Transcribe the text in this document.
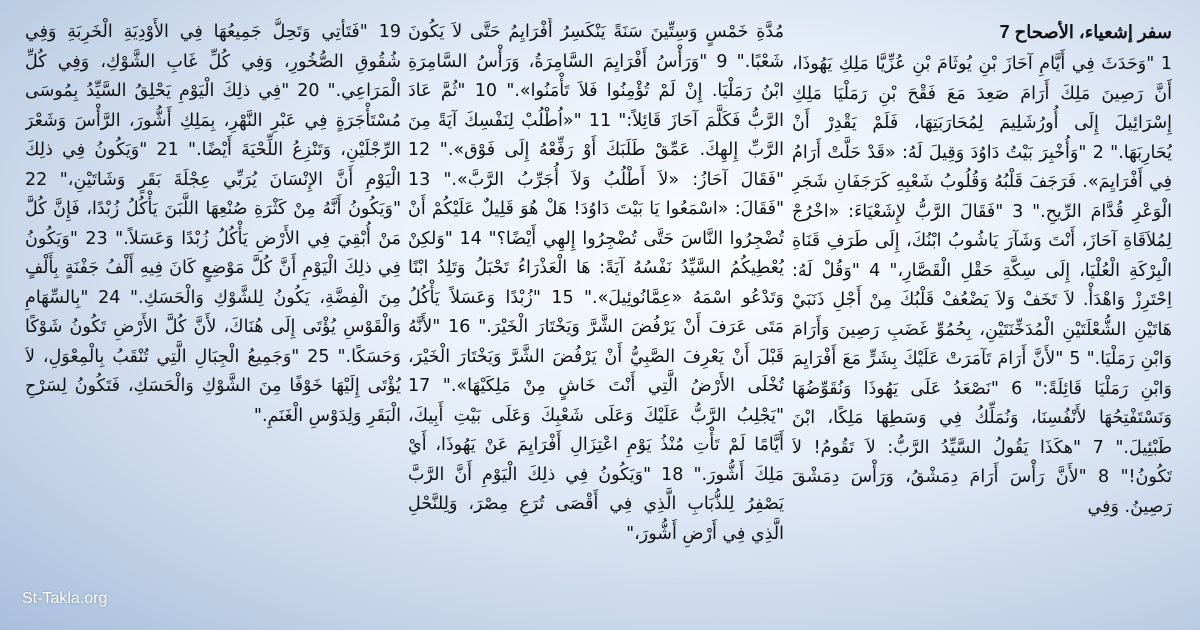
سفر إشعياء، الأصحاح 7
1 "وَحَدَثَ فِي أَيَّامِ آحَازَ بْنِ يُوثَامَ بْنِ عُزِّيَّا مَلِكِ يَهُوذَا، أَنَّ رَصِينَ مَلِكَ أَرَامَ صَعِدَ مَعَ فَقْحَ بْنِ رَمَلْيَا مَلِكِ إِسْرَائِيلَ إِلَى أُورُشَلِيمَ لِمُحَارَبَتِهَا، فَلَمْ يَقْدِرْ أَنْ يُحَارِبَهَا." 2 "وَأُخْبِرَ بَيْتُ دَاوُدَ وَقِيلَ لَهُ: «قَدْ حَلَّتْ أَرَامُ فِي أَفْرَايِمَ». فَرَجَفَ قَلْبُهُ وَقُلُوبُ شَعْبِهِ كَرَجَفَانِ شَجَرِ الْوَعْرِ قُدَّامَ الرِّيحِ." 3 "فَقَالَ الرَّبُّ لإِشَعْيَاءَ: «اخْرُجْ لِمُلاَقَاةِ آحَازَ، أَنْتَ وَشَآرَ يَاشُوبُ ابْنُكَ، إِلَى طَرَفِ قَنَاةِ الْبِرْكَةِ الْعُلْيَا، إِلَى سِكَّةِ حَقْلِ الْقَصَّارِ،" 4 "وَقُلْ لَهُ: اِحْتَرِزْ وَاهْدَأْ. لاَ تَخَفْ وَلاَ يَضْعُفْ قَلْبُكَ مِنْ أَجْلِ ذَنَبَيْ هَاتَيْنِ الشُّعْلَتَيْنِ الْمُدَخِّنَتَيْنِ، بِحُمُوِّ غَضَبِ رَصِينَ وَأَرَامَ وَابْنِ رَمَلْيَا." 5 "لأَنَّ أَرَامَ تَآمَرَتْ عَلَيْكَ بِشَرٍّ مَعَ أَفْرَايِمَ وَابْنِ رَمَلْيَا قَائِلَةً:" 6 "نَصْعَدُ عَلَى يَهُوذَا وَنُقَوِّضُهَا وَنَسْتَفْتِحُهَا لأَنْفُسِنَا، وَنُمَلِّكُ فِي وَسَطِهَا مَلِكًا، ابْنَ طَبْئِيلَ." 7 "هكَذَا يَقُولُ السَّيِّدُ الرَّبُّ: لاَ تَقُومُ! لاَ تَكُونُ!" 8 "لأَنَّ رَأْسَ أَرَامَ دِمَشْقُ، وَرَأْسَ دِمَشْقَ رَصِينُ. وَفِي
مُدَّةِ خَمْسٍ وَسِتِّينَ سَنَةً يَنْكَسِرُ أَفْرَايِمُ حَتَّى لاَ يَكُونَ شَعْبًا." 9 "وَرَأْسُ أَفْرَايِمَ السَّامِرَةُ، وَرَأْسُ السَّامِرَةِ ابْنُ رَمَلْيَا. إِنْ لَمْ تُؤْمِنُوا فَلاَ تَأْمَنُوا»." 10 "ثُمَّ عَادَ الرَّبُّ فَكَلَّمَ آحَازَ قَائِلاً:" 11 "«اُطْلُبْ لِنَفْسِكَ آيَةً مِنَ الرَّبِّ إِلهِكَ. عَمِّقْ طَلَبَكَ أَوْ رَفِّعْهُ إِلَى فَوْق»." 12 "فَقَالَ آحَازُ: «لاَ أَطْلُبُ وَلاَ أُجَرِّبُ الرَّبَّ»." 13 "فَقَالَ: «اسْمَعُوا يَا بَيْتَ دَاوُدَ! هَلْ هُوَ قَلِيلٌ عَلَيْكُمْ أَنْ تُضْجِرُوا النَّاسَ حَتَّى تُضْجِرُوا إِلهِي أَيْضًا؟" 14 "وَلكِنْ يُعْطِيكُمُ السَّيِّدُ نَفْسُهُ آيَةً: هَا الْعَذْرَاءُ تَحْبَلُ وَتَلِدُ ابْنًا وَتَدْعُو اسْمَهُ «عِمَّانُوئِيلَ»." 15 "زُبْدًا وَعَسَلاً يَأْكُلُ مَتَى عَرَفَ أَنْ يَرْفُضَ الشَّرَّ وَيَخْتَارَ الْخَيْرَ." 16 "لأَنَّهُ قَبْلَ أَنْ يَعْرِفَ الصَّبِيُّ أَنْ يَرْفُضَ الشَّرَّ وَيَخْتَارَ الْخَيْرَ، تُخْلَى الأَرْضُ الَّتِي أَنْتَ خَاشٍ مِنْ مَلِكَيْهَا»." 17 "يَجْلِبُ الرَّبُّ عَلَيْكَ وَعَلَى شَعْبِكَ وَعَلَى بَيْتِ أَبِيكَ، أَيَّامًا لَمْ تَأْتِ مُنْذُ يَوْمِ اعْتِزَالِ أَفْرَايِمَ عَنْ يَهُوذَا، أَيْ مَلِكَ أَشُّورَ." 18 "وَيَكُونُ فِي ذلِكَ الْيَوْمِ أَنَّ الرَّبَّ يَصْفِرُ لِلذُّبَابِ الَّذِي فِي أَقْصَى تُرَعِ مِصْرَ، وَلِلنَّحْلِ الَّذِي فِي أَرْضِ أَشُّورَ،"
19 "فَتَأْتِي وَتَحِلُّ جَمِيعُهَا فِي الأَوْدِيَةِ الْخَرِبَةِ وَفِي شُقُوقِ الصُّخُورِ، وَفِي كُلِّ غَابِ الشَّوْكِ، وَفِي كُلِّ الْمَرَاعِي." 20 "فِي ذلِكَ الْيَوْمِ يَحْلِقُ السَّيِّدُ بِمُوسَى مُسْتَأْجَرَةٍ فِي عَبْرِ النَّهْرِ، بِمَلِكِ أَشُّورَ، الرَّأْسَ وَشَعْرَ الرِّجْلَيْنِ، وَتَنْزِعُ اللِّحْيَةَ أَيْضًا." 21 "وَيَكُونُ فِي ذلِكَ الْيَوْمِ أَنَّ الإِنْسَانَ يُرَبِّي عِجْلَةَ بَقَرٍ وَشَاتَيْنِ،" 22 "وَيَكُونُ أَنَّهُ مِنْ كَثْرَةِ صُنْعِهَا اللَّبَنَ يَأْكُلُ زُبْدًا، فَإِنَّ كُلَّ مَنْ أُبْقِيَ فِي الأَرْضِ يَأْكُلُ زُبْدًا وَعَسَلاً." 23 "وَيَكُونُ فِي ذلِكَ الْيَوْمِ أَنَّ كُلَّ مَوْضِعٍ كَانَ فِيهِ أَلْفُ جَفْنَةٍ بِأَلْفٍ مِنَ الْفِضَّةِ، يَكُونُ لِلشَّوْكِ وَالْحَسَكِ." 24 "بِالسِّهَامِ وَالْقَوْسِ يُؤْتَى إِلَى هُنَاكَ، لأَنَّ كُلَّ الأَرْضِ تَكُونُ شَوْكًا وَحَسَكًا." 25 "وَجَمِيعُ الْجِبَالِ الَّتِي تُنْقَبُ بِالْمِعْوَلِ، لاَ يُؤْتَى إِلَيْهَا خَوْفًا مِنَ الشَّوْكِ وَالْحَسَكِ، فَتَكُونُ لِسَرْحِ الْبَقَرِ وَلِدَوْسِ الْغَنَمِ."
St-Takla.org
